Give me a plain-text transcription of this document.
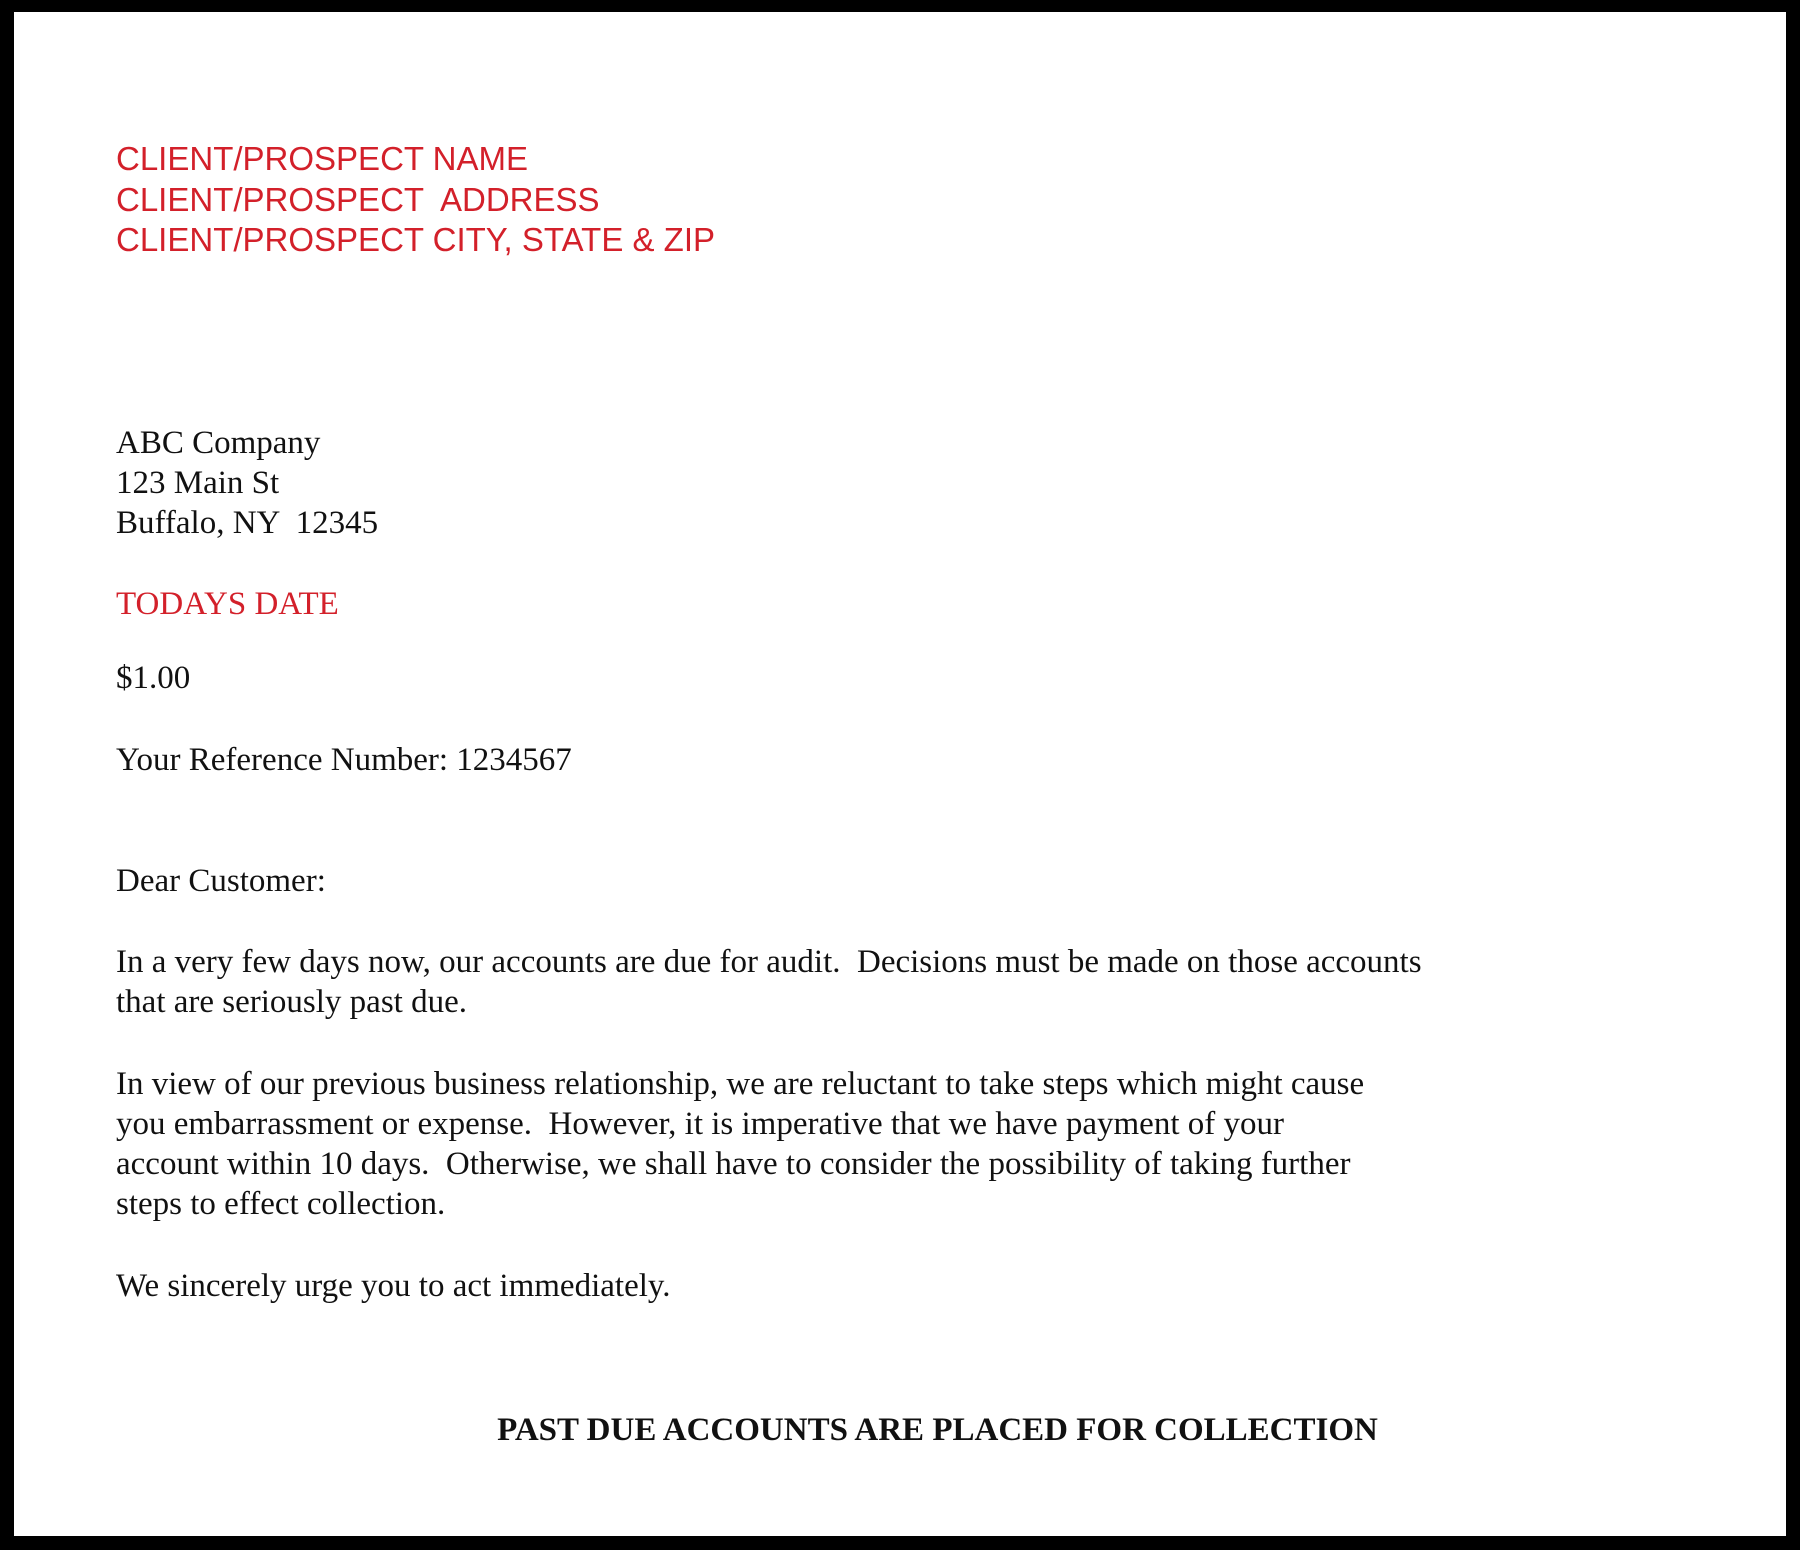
CLIENT/PROSPECT NAME
CLIENT/PROSPECT  ADDRESS
CLIENT/PROSPECT CITY, STATE & ZIP
ABC Company
123 Main St
Buffalo, NY  12345
TODAYS DATE
$1.00
Your Reference Number: 1234567
Dear Customer:
In a very few days now, our accounts are due for audit.  Decisions must be made on those accounts
that are seriously past due.
In view of our previous business relationship, we are reluctant to take steps which might cause
you embarrassment or expense.  However, it is imperative that we have payment of your
account within 10 days.  Otherwise, we shall have to consider the possibility of taking further
steps to effect collection.
We sincerely urge you to act immediately.
PAST DUE ACCOUNTS ARE PLACED FOR COLLECTION
